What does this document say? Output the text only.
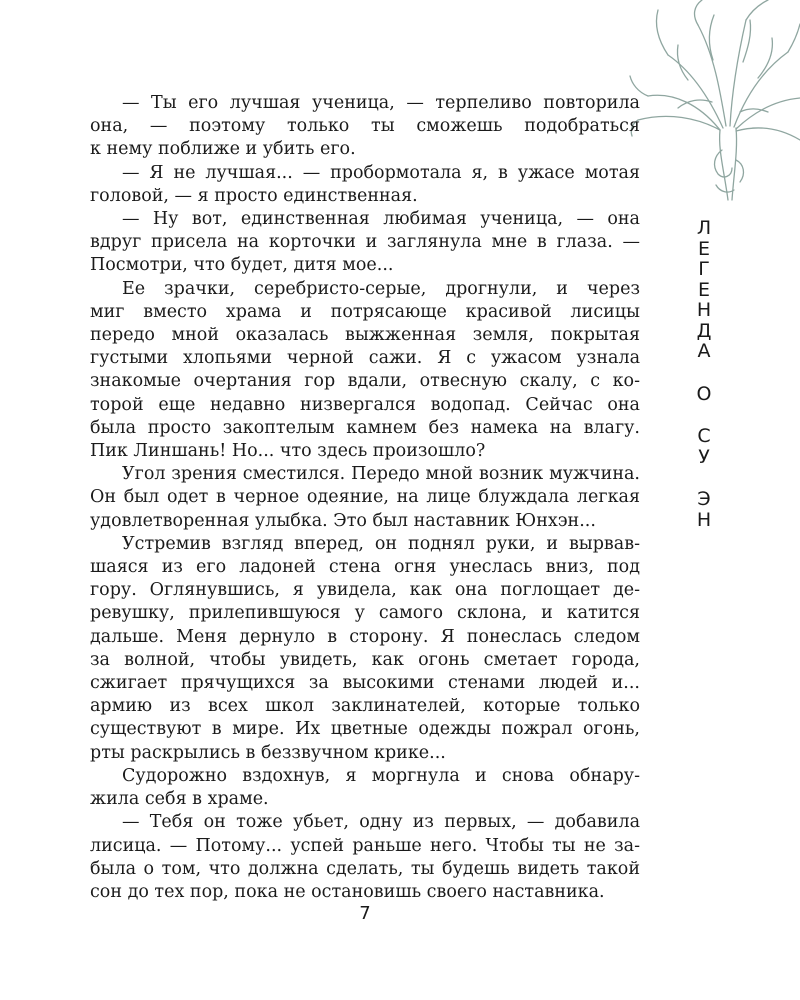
— Ты его лучшая ученица, — терпеливо повторила
она, — поэтому только ты сможешь подобраться
к нему поближе и убить его.
— Я не лучшая... — пробормотала я, в ужасе мотая
головой, — я просто единственная.
— Ну вот, единственная любимая ученица, — она
вдруг присела на корточки и заглянула мне в глаза. —
Посмотри, что будет, дитя мое...
Ее зрачки, серебристо-серые, дрогнули, и через
миг вместо храма и потрясающе красивой лисицы
передо мной оказалась выжженная земля, покрытая
густыми хлопьями черной сажи. Я с ужасом узнала
знакомые очертания гор вдали, отвесную скалу, с ко-
торой еще недавно низвергался водопад. Сейчас она
была просто закоптелым камнем без намека на влагу.
Пик Линшань! Но... что здесь произошло?
Угол зрения сместился. Передо мной возник мужчина.
Он был одет в черное одеяние, на лице блуждала легкая
удовлетворенная улыбка. Это был наставник Юнхэн...
Устремив взгляд вперед, он поднял руки, и вырвав-
шаяся из его ладоней стена огня унеслась вниз, под
гору. Оглянувшись, я увидела, как она поглощает де-
ревушку, прилепившуюся у самого склона, и катится
дальше. Меня дернуло в сторону. Я понеслась следом
за волной, чтобы увидеть, как огонь сметает города,
сжигает прячущихся за высокими стенами людей и...
армию из всех школ заклинателей, которые только
существуют в мире. Их цветные одежды пожрал огонь,
рты раскрылись в беззвучном крике...
Судорожно вздохнув, я моргнула и снова обнару-
жила себя в храме.
— Тебя он тоже убьет, одну из первых, — добавила
лисица. — Потому... успей раньше него. Чтобы ты не за-
была о том, что должна сделать, ты будешь видеть такой
сон до тех пор, пока не остановишь своего наставника.
Л
Е
Г
Е
Н
Д
А
О
С
У
Э
Н
7
